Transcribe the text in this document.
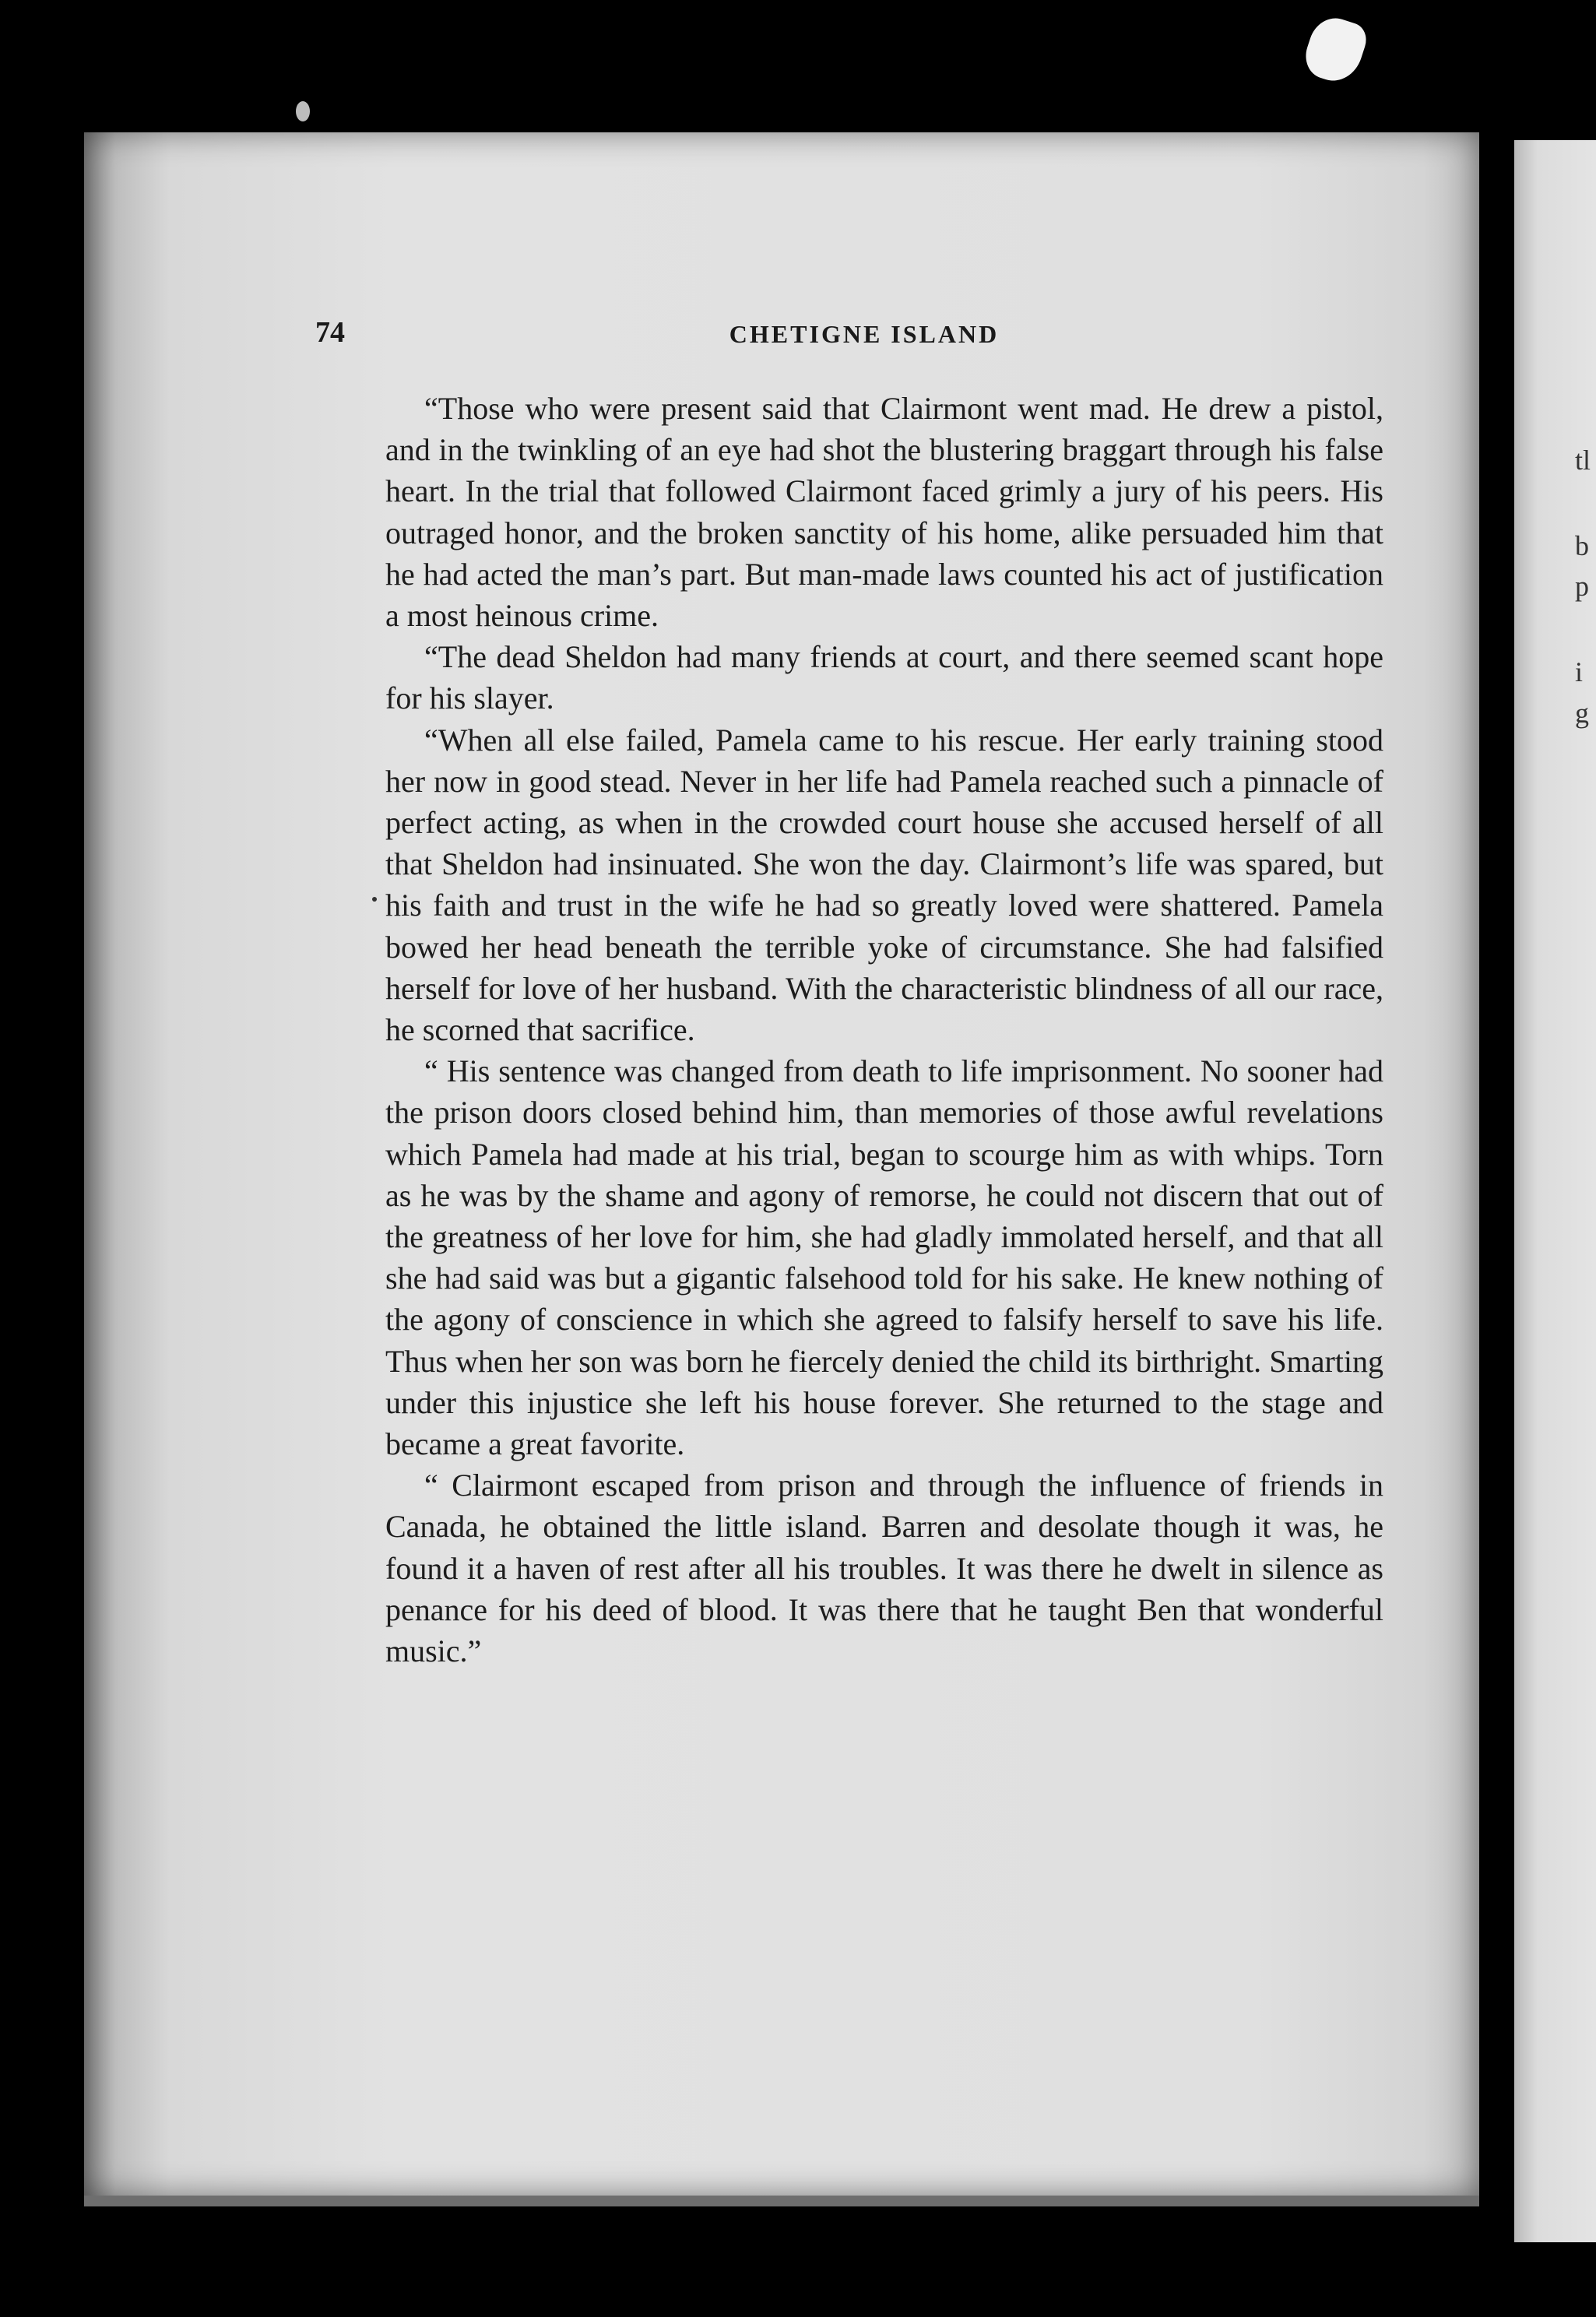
tl
b
p
i
g
74	CHETIGNE ISLAND

“Those who were present said that Clairmont went mad. He drew a pistol, and in the twinkling of an eye had shot the blustering braggart through his false heart. In the trial that followed Clairmont faced grimly a jury of his peers. His outraged honor, and the broken sanctity of his home, alike persuaded him that he had acted the man’s part. But man-made laws counted his act of justification a most heinous crime.

“The dead Sheldon had many friends at court, and there seemed scant hope for his slayer.

“When all else failed, Pamela came to his rescue. Her early training stood her now in good stead. Never in her life had Pamela reached such a pinnacle of perfect acting, as when in the crowded court house she accused herself of all that Sheldon had insinuated. She won the day. Clairmont’s life was spared, but his faith and trust in the wife he had so greatly loved were shattered. Pamela bowed her head beneath the terrible yoke of circumstance. She had falsified herself for love of her husband. With the characteristic blindness of all our race, he scorned that sacrifice.

“ His sentence was changed from death to life imprisonment. No sooner had the prison doors closed behind him, than memories of those awful revelations which Pamela had made at his trial, began to scourge him as with whips. Torn as he was by the shame and agony of remorse, he could not discern that out of the greatness of her love for him, she had gladly immolated herself, and that all she had said was but a gigantic falsehood told for his sake. He knew nothing of the agony of conscience in which she agreed to falsify herself to save his life. Thus when her son was born he fiercely denied the child its birthright. Smarting under this injustice she left his house forever. She returned to the stage and became a great favorite.

“ Clairmont escaped from prison and through the influence of friends in Canada, he obtained the little island. Barren and desolate though it was, he found it a haven of rest after all his troubles. It was there he dwelt in silence as penance for his deed of blood. It was there that he taught Ben that wonderful music.”
